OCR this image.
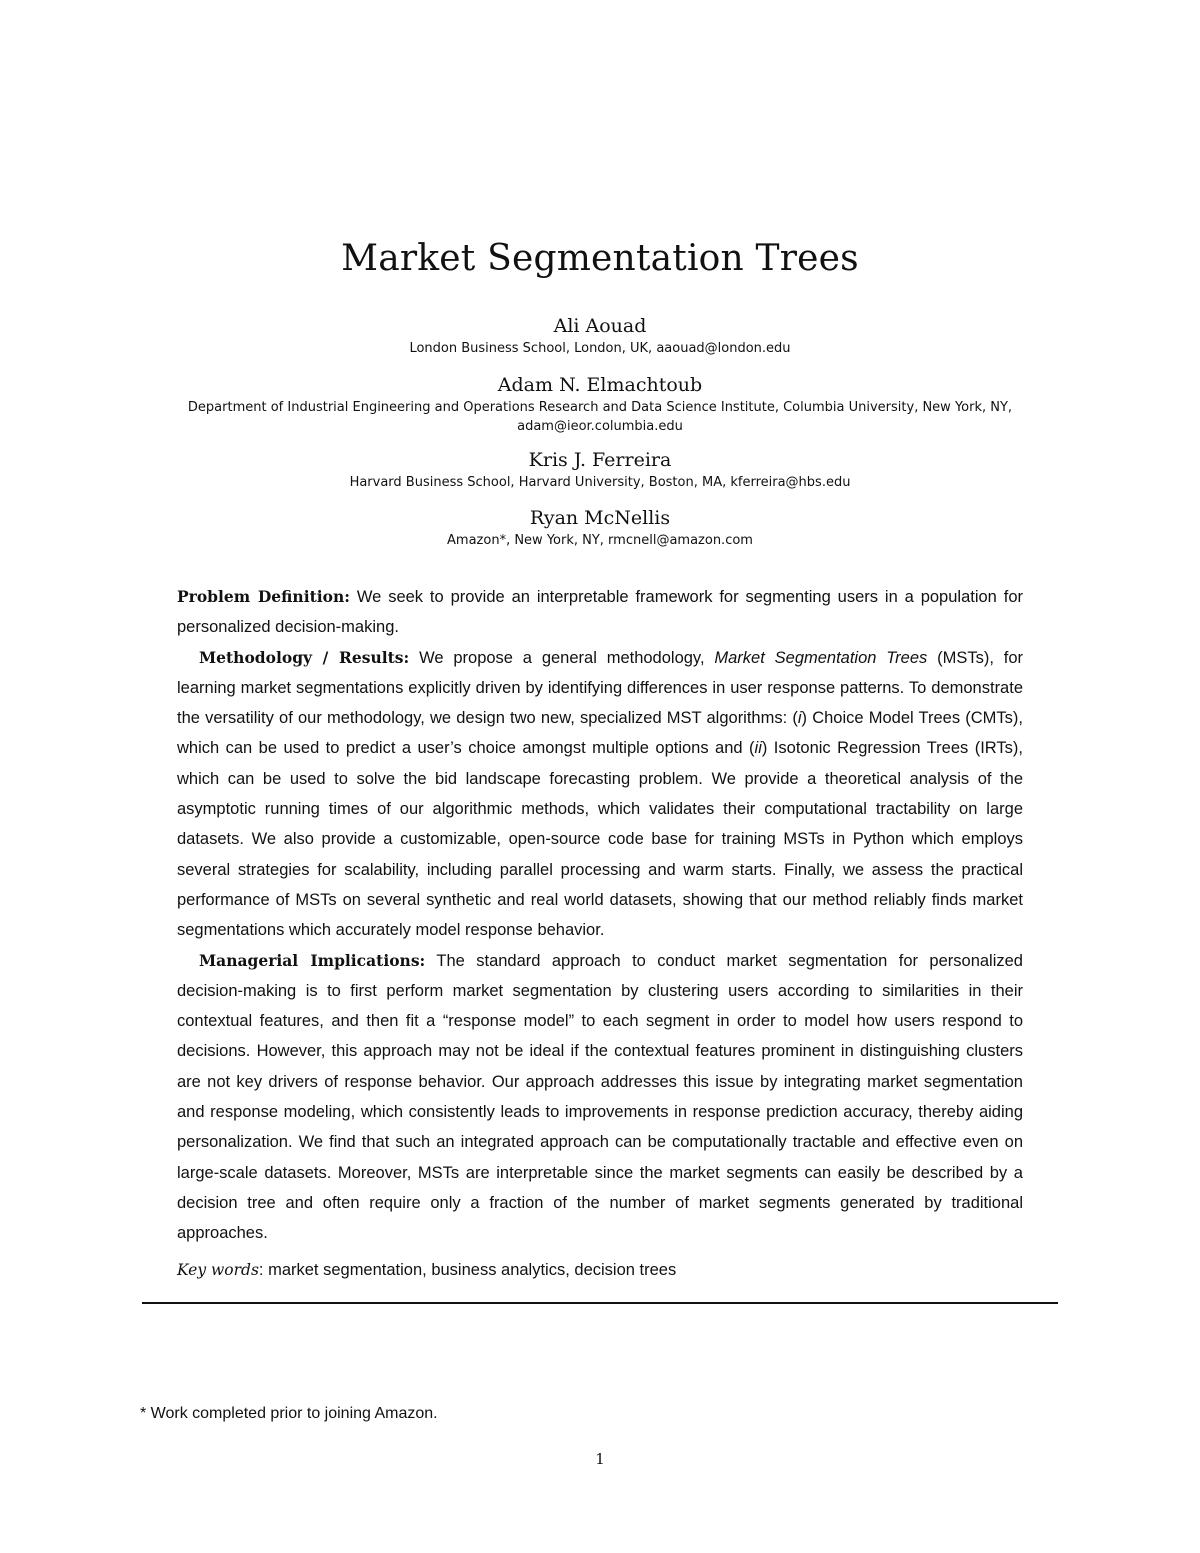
Market Segmentation Trees

Ali Aouad

London Business School, London, UK, aaouad@london.edu

Adam N. Elmachtoub

Department of Industrial Engineering and Operations Research and Data Science Institute, Columbia University, New York, NY,

adam@ieor.columbia.edu

Kris J. Ferreira

Harvard Business School, Harvard University, Boston, MA, kferreira@hbs.edu

Ryan McNellis

Amazon*, New York, NY, rmcnell@amazon.com

Problem Definition: We seek to provide an interpretable framework for segmenting users in a population for personalized decision-making.

Methodology / Results: We propose a general methodology, Market Segmentation Trees (MSTs), for learning market segmentations explicitly driven by identifying differences in user response patterns. To demonstrate the versatility of our methodology, we design two new, specialized MST algorithms: (i) Choice Model Trees (CMTs), which can be used to predict a user’s choice amongst multiple options and (ii) Isotonic Regression Trees (IRTs), which can be used to solve the bid landscape forecasting problem. We provide a theoretical analysis of the asymptotic running times of our algorithmic methods, which validates their computational tractability on large datasets. We also provide a customizable, open-source code base for training MSTs in Python which employs several strategies for scalability, including parallel processing and warm starts. Finally, we assess the practical performance of MSTs on several synthetic and real world datasets, showing that our method reliably finds market segmentations which accurately model response behavior.

Managerial Implications: The standard approach to conduct market segmentation for personalized decision-making is to first perform market segmentation by clustering users according to similarities in their contextual features, and then fit a “response model” to each segment in order to model how users respond to decisions. However, this approach may not be ideal if the contextual features prominent in distinguishing clusters are not key drivers of response behavior. Our approach addresses this issue by integrating market segmentation and response modeling, which consistently leads to improvements in response prediction accuracy, thereby aiding personalization. We find that such an integrated approach can be computationally tractable and effective even on large-scale datasets. Moreover, MSTs are interpretable since the market segments can easily be described by a decision tree and often require only a fraction of the number of market segments generated by traditional approaches.

Key words: market segmentation, business analytics, decision trees

* Work completed prior to joining Amazon.
1
